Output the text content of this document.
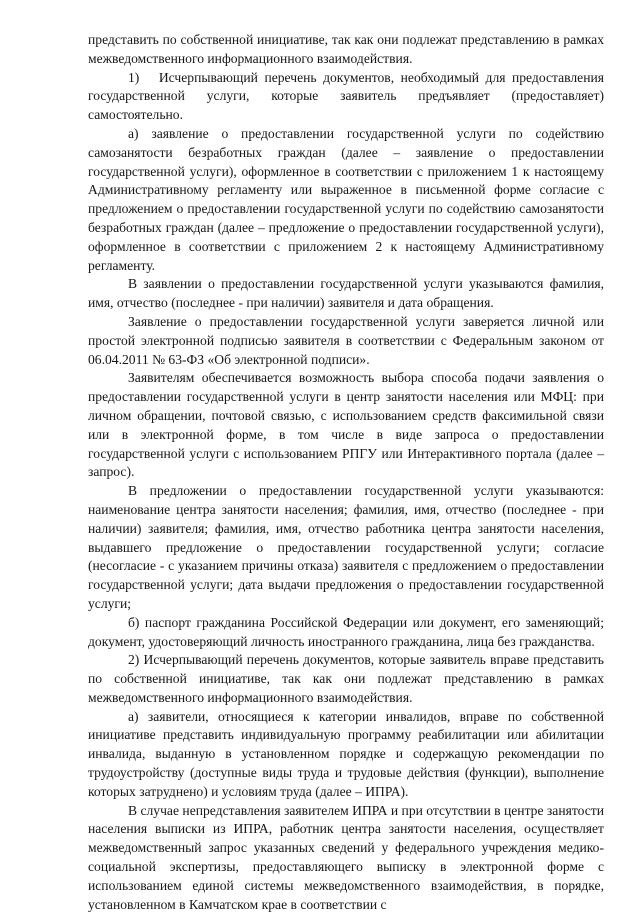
представить по собственной инициативе, так как они подлежат представлению в рамках межведомственного информационного взаимодействия.

1)   Исчерпывающий перечень документов, необходимый для предоставления государственной услуги, которые заявитель предъявляет (предоставляет) самостоятельно.

а) заявление о предоставлении государственной услуги по содействию самозанятости безработных граждан (далее – заявление о предоставлении государственной услуги), оформленное в соответствии с приложением 1 к настоящему Административному регламенту или выраженное в письменной форме согласие с предложением о предоставлении государственной услуги по содействию самозанятости безработных граждан (далее – предложение о предоставлении государственной услуги), оформленное в соответствии с приложением 2 к настоящему Административному регламенту.

В заявлении о предоставлении государственной услуги указываются фамилия, имя, отчество (последнее - при наличии) заявителя и дата обращения.

Заявление о предоставлении государственной услуги заверяется личной или простой электронной подписью заявителя в соответствии с Федеральным законом от 06.04.2011 № 63-ФЗ «Об электронной подписи».

Заявителям обеспечивается возможность выбора способа подачи заявления о предоставлении государственной услуги в центр занятости населения или МФЦ: при личном обращении, почтовой связью, с использованием средств факсимильной связи или в электронной форме, в том числе в виде запроса о предоставлении государственной услуги с использованием РПГУ или Интерактивного портала (далее – запрос).

В предложении о предоставлении государственной услуги указываются: наименование центра занятости населения; фамилия, имя, отчество (последнее - при наличии) заявителя; фамилия, имя, отчество работника центра занятости населения, выдавшего предложение о предоставлении государственной услуги; согласие (несогласие - с указанием причины отказа) заявителя с предложением о предоставлении государственной услуги; дата выдачи предложения о предоставлении государственной услуги;

б) паспорт гражданина Российской Федерации или документ, его заменяющий; документ, удостоверяющий личность иностранного гражданина, лица без гражданства.

2) Исчерпывающий перечень документов, которые заявитель вправе представить по собственной инициативе, так как они подлежат представлению в рамках межведомственного информационного взаимодействия.

а) заявители, относящиеся к категории инвалидов, вправе по собственной инициативе представить индивидуальную программу реабилитации или абилитации инвалида, выданную в установленном порядке и содержащую рекомендации по трудоустройству (доступные виды труда и трудовые действия (функции), выполнение которых затруднено) и условиям труда (далее – ИПРА).

В случае непредставления заявителем ИПРА и при отсутствии в центре занятости населения выписки из ИПРА, работник центра занятости населения, осуществляет межведомственный запрос указанных сведений у федерального учреждения медико-социальной экспертизы, предоставляющего выписку в электронной форме с использованием единой системы межведомственного взаимодействия, в порядке, установленном в Камчатском крае в соответствии с
